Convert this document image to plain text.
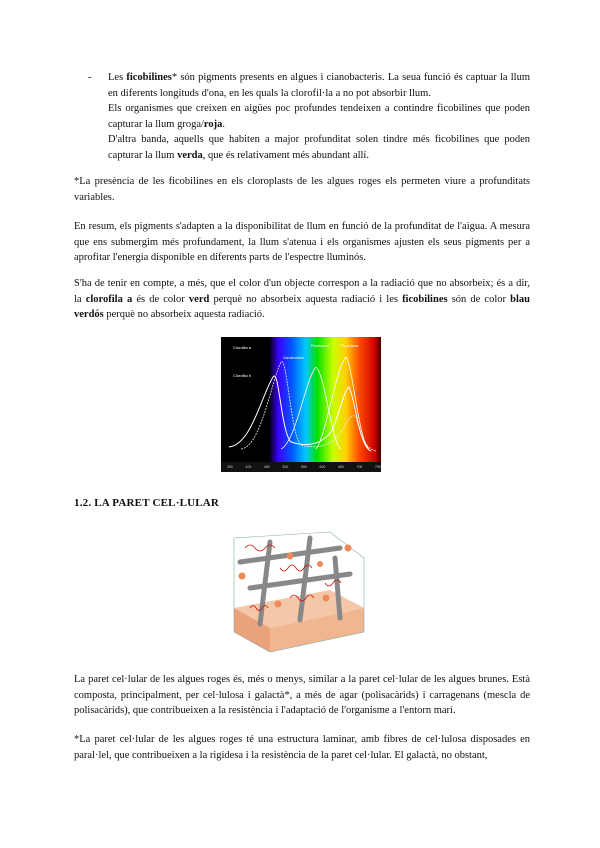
- Les ficobilines* són pigments presents en algues i cianobacteris. La seua funció és captuar la llum en diferents longituds d'ona, en les quals la clorofil·la a no pot absorbir llum.
Els organismes que creixen en aigües poc profundes tendeixen a contindre ficobilines que poden capturar la llum groga/roja.
D'altra banda, aquells que habiten a major profunditat solen tindre més ficobilines que poden capturar la llum verda, que és relativament més abundant allí.

*La presència de les ficobilines en els cloroplasts de les algues roges els permeten viure a profunditats variables.

En resum, els pigments s'adapten a la disponibilitat de llum en funció de la profunditat de l'aigua. A mesura que ens submergim més profundament, la llum s'atenua i els organismes ajusten els seus pigments per a aprofitar l'energia disponible en diferents parts de l'espectre lluminós.

S'ha de tenir en compte, a més, que el color d'un objecte correspon a la radiació que no absorbeix; és a dir, la clorofila a és de color verd perquè no absorbeix aquesta radiació i les ficobilines són de color blau verdós perquè no absorbeix aquesta radiació.

Clorofila a
Clorofila b
Ficocianina	Ficoeritrina
Carotenoides
350	400	450	500	550	600	650	700	750
1.2. LA PARET CEL·LULAR

La paret cel·lular de les algues roges és, més o menys, similar a la paret cel·lular de les algues brunes. Està composta, principalment, per cel·lulosa i galactà*, a més de agar (polisacàrids) i carragenans (mescla de polisacàrids), que contribueixen a la resistència i l'adaptació de l'organisme a l'entorn marí.

*La paret cel·lular de les algues roges té una estructura laminar, amb fibres de cel·lulosa disposades en paral·lel, que contribueixen a la rigidesa i la resistència de la paret cel·lular. El galactà, no obstant,
